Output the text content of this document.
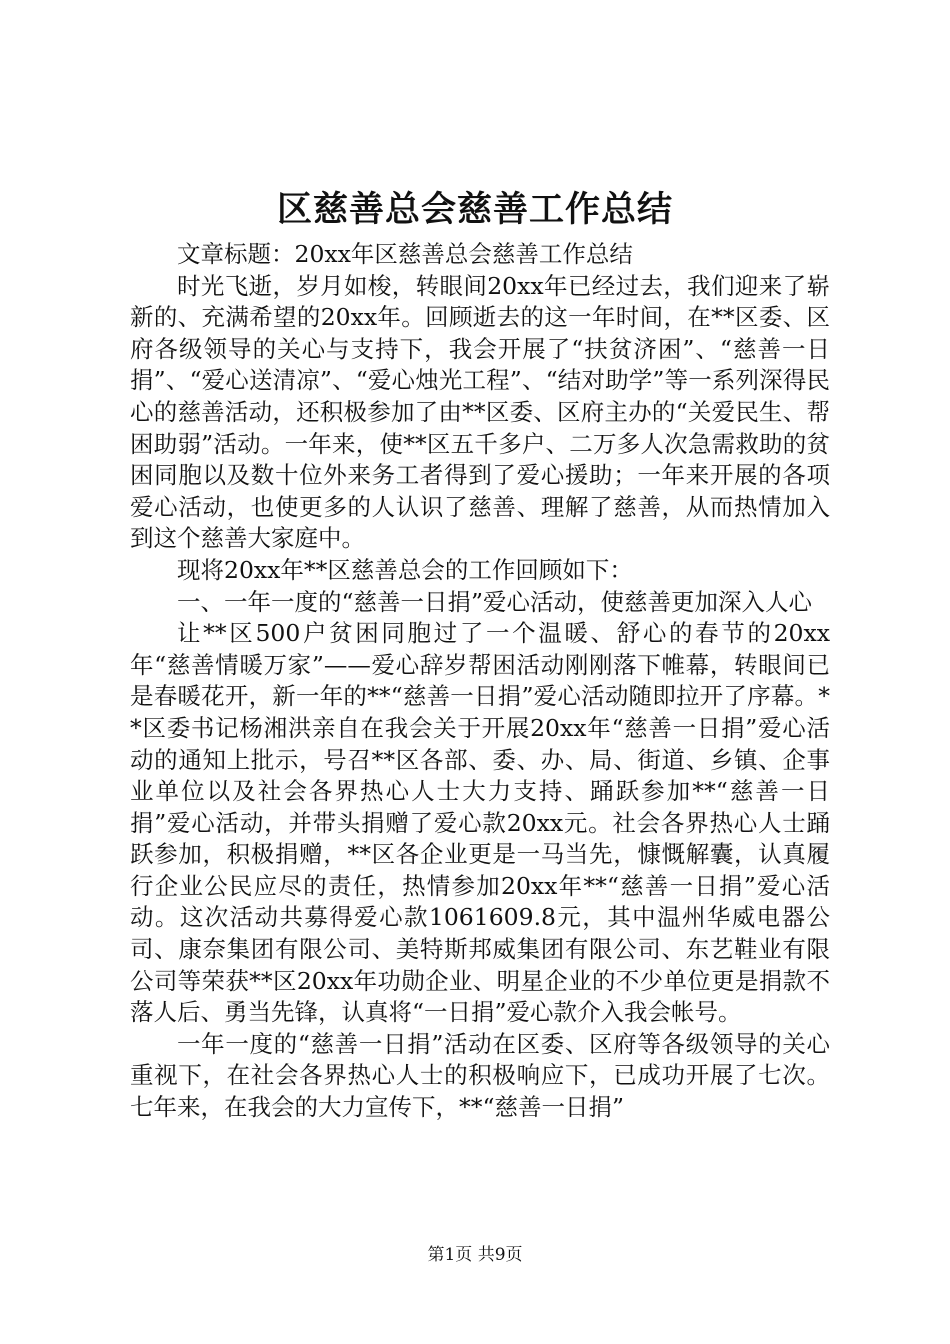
区慈善总会慈善工作总结

文章标题：20xx年区慈善总会慈善工作总结

时光飞逝，岁月如梭，转眼间20xx年已经过去，我们迎来了崭新的、充满希望的20xx年。回顾逝去的这一年时间，在**区委、区府各级领导的关心与支持下，我会开展了“扶贫济困”、“慈善一日捐”、“爱心送清凉”、“爱心烛光工程”、“结对助学”等一系列深得民心的慈善活动，还积极参加了由**区委、区府主办的“关爱民生、帮困助弱”活动。一年来，使**区五千多户、二万多人次急需救助的贫困同胞以及数十位外来务工者得到了爱心援助；一年来开展的各项爱心活动，也使更多的人认识了慈善、理解了慈善，从而热情加入到这个慈善大家庭中。

现将20xx年**区慈善总会的工作回顾如下：

一、一年一度的“慈善一日捐”爱心活动，使慈善更加深入人心

让**区500户贫困同胞过了一个温暖、舒心的春节的20xx年“慈善情暖万家”——爱心辞岁帮困活动刚刚落下帷幕，转眼间已是春暖花开，新一年的**“慈善一日捐”爱心活动随即拉开了序幕。**区委书记杨湘洪亲自在我会关于开展20xx年“慈善一日捐”爱心活动的通知上批示，号召**区各部、委、办、局、街道、乡镇、企事业单位以及社会各界热心人士大力支持、踊跃参加**“慈善一日捐”爱心活动，并带头捐赠了爱心款20xx元。社会各界热心人士踊跃参加，积极捐赠，**区各企业更是一马当先，慷慨解囊，认真履行企业公民应尽的责任，热情参加20xx年**“慈善一日捐”爱心活动。这次活动共募得爱心款1061609.8元，其中温州华威电器公司、康奈集团有限公司、美特斯邦威集团有限公司、东艺鞋业有限公司等荣获**区20xx年功勋企业、明星企业的不少单位更是捐款不落人后、勇当先锋，认真将“一日捐”爱心款介入我会帐号。

一年一度的“慈善一日捐”活动在区委、区府等各级领导的关心重视下，在社会各界热心人士的积极响应下，已成功开展了七次。七年来，在我会的大力宣传下，**“慈善一日捐”

第1页 共9页
